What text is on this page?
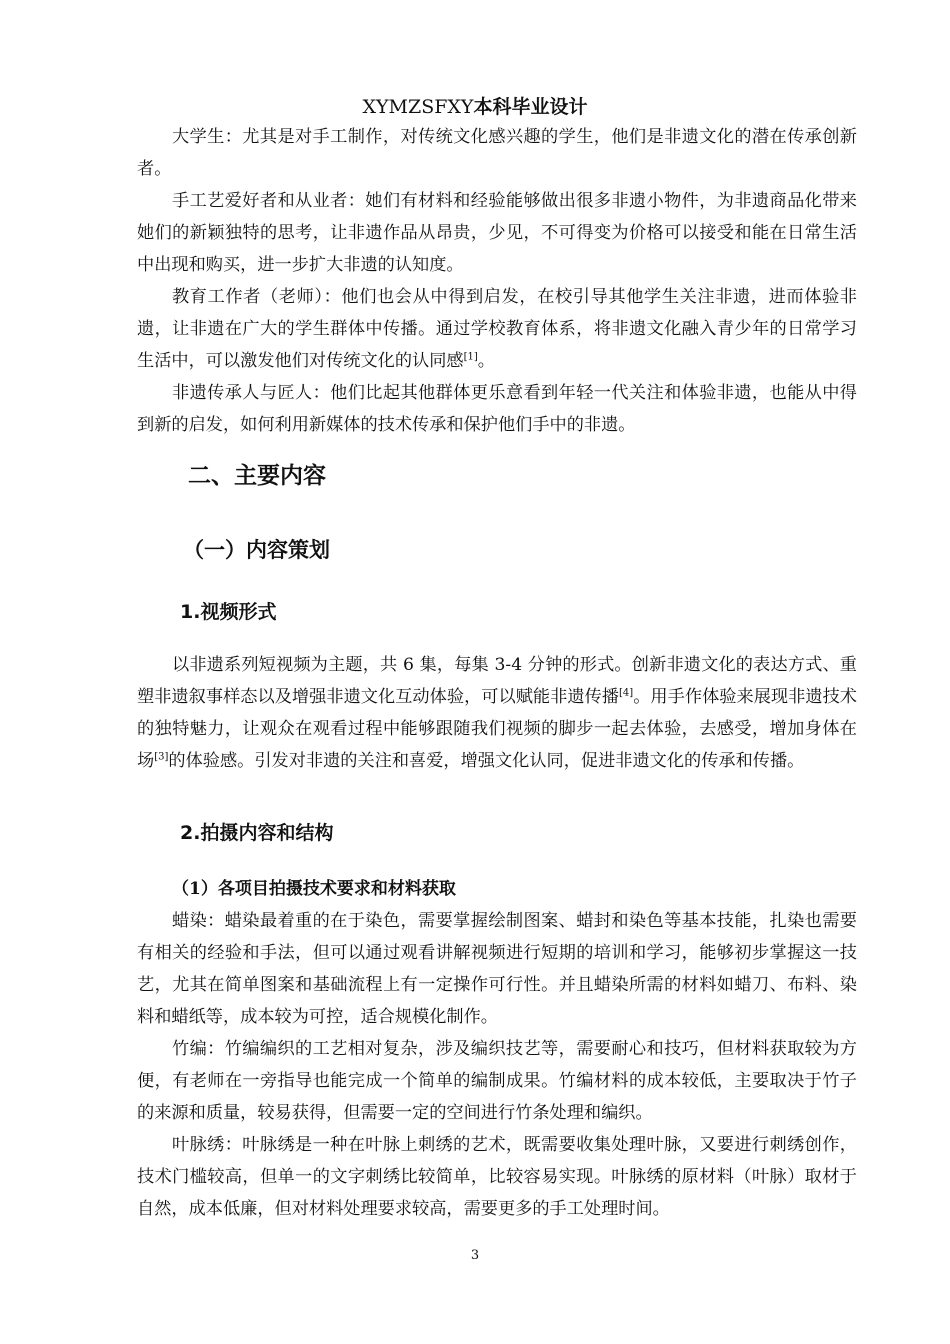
XYMZSFXY本科毕业设计

大学生：尤其是对手工制作，对传统文化感兴趣的学生，他们是非遗文化的潜在传承创新者。

手工艺爱好者和从业者：她们有材料和经验能够做出很多非遗小物件，为非遗商品化带来她们的新颖独特的思考，让非遗作品从昂贵，少见，不可得变为价格可以接受和能在日常生活中出现和购买，进一步扩大非遗的认知度。

教育工作者（老师）：他们也会从中得到启发，在校引导其他学生关注非遗，进而体验非遗，让非遗在广大的学生群体中传播。通过学校教育体系，将非遗文化融入青少年的日常学习生活中，可以激发他们对传统文化的认同感[1]。

非遗传承人与匠人：他们比起其他群体更乐意看到年轻一代关注和体验非遗，也能从中得到新的启发，如何利用新媒体的技术传承和保护他们手中的非遗。

二、主要内容
（一）内容策划
1.视频形式

以非遗系列短视频为主题，共 6 集，每集 3-4 分钟的形式。创新非遗文化的表达方式、重塑非遗叙事样态以及增强非遗文化互动体验，可以赋能非遗传播[4]。用手作体验来展现非遗技术的独特魅力，让观众在观看过程中能够跟随我们视频的脚步一起去体验，去感受，增加身体在场[3]的体验感。引发对非遗的关注和喜爱，增强文化认同，促进非遗文化的传承和传播。

2.拍摄内容和结构
（1）各项目拍摄技术要求和材料获取

蜡染：蜡染最着重的在于染色，需要掌握绘制图案、蜡封和染色等基本技能，扎染也需要有相关的经验和手法，但可以通过观看讲解视频进行短期的培训和学习，能够初步掌握这一技艺，尤其在简单图案和基础流程上有一定操作可行性。并且蜡染所需的材料如蜡刀、布料、染料和蜡纸等，成本较为可控，适合规模化制作。

竹编：竹编编织的工艺相对复杂，涉及编织技艺等，需要耐心和技巧，但材料获取较为方便，有老师在一旁指导也能完成一个简单的编制成果。竹编材料的成本较低，主要取决于竹子的来源和质量，较易获得，但需要一定的空间进行竹条处理和编织。

叶脉绣：叶脉绣是一种在叶脉上刺绣的艺术，既需要收集处理叶脉，又要进行刺绣创作，技术门槛较高，但单一的文字刺绣比较简单，比较容易实现。叶脉绣的原材料（叶脉）取材于自然，成本低廉，但对材料处理要求较高，需要更多的手工处理时间。

3
